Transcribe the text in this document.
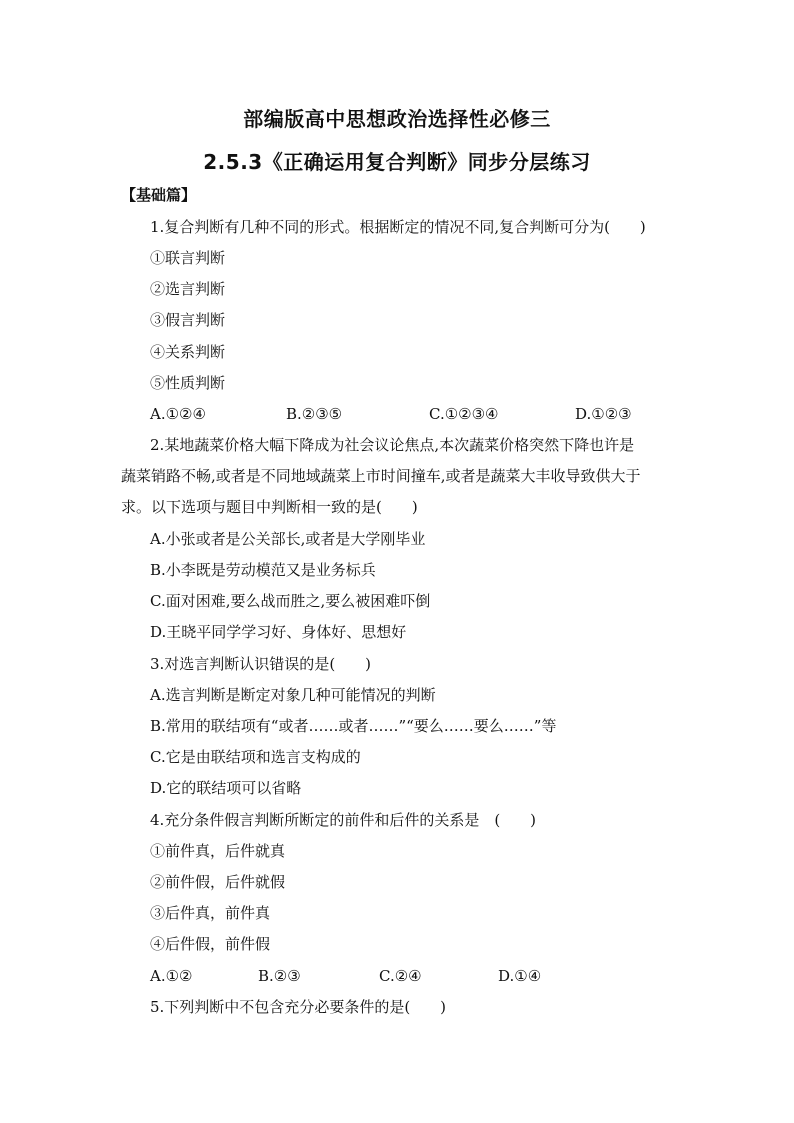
部编版高中思想政治选择性必修三
2.5.3《正确运用复合判断》同步分层练习
【基础篇】
1.复合判断有几种不同的形式。根据断定的情况不同,复合判断可分为(　　)
①联言判断
②选言判断
③假言判断
④关系判断
⑤性质判断
A.①②④	B.②③⑤	C.①②③④	D.①②③
2.某地蔬菜价格大幅下降成为社会议论焦点,本次蔬菜价格突然下降也许是
蔬菜销路不畅,或者是不同地域蔬菜上市时间撞车,或者是蔬菜大丰收导致供大于
求。以下选项与题目中判断相一致的是(　　)
A.小张或者是公关部长,或者是大学刚毕业
B.小李既是劳动模范又是业务标兵
C.面对困难,要么战而胜之,要么被困难吓倒
D.王晓平同学学习好、身体好、思想好
3.对选言判断认识错误的是(　　)
A.选言判断是断定对象几种可能情况的判断
B.常用的联结项有“或者……或者……”“要么……要么……”等
C.它是由联结项和选言支构成的
D.它的联结项可以省略
4.充分条件假言判断所断定的前件和后件的关系是　(　　)
①前件真，后件就真
②前件假，后件就假
③后件真，前件真
④后件假，前件假
A.①②	B.②③	C.②④	D.①④
5.下列判断中不包含充分必要条件的是(　　)
